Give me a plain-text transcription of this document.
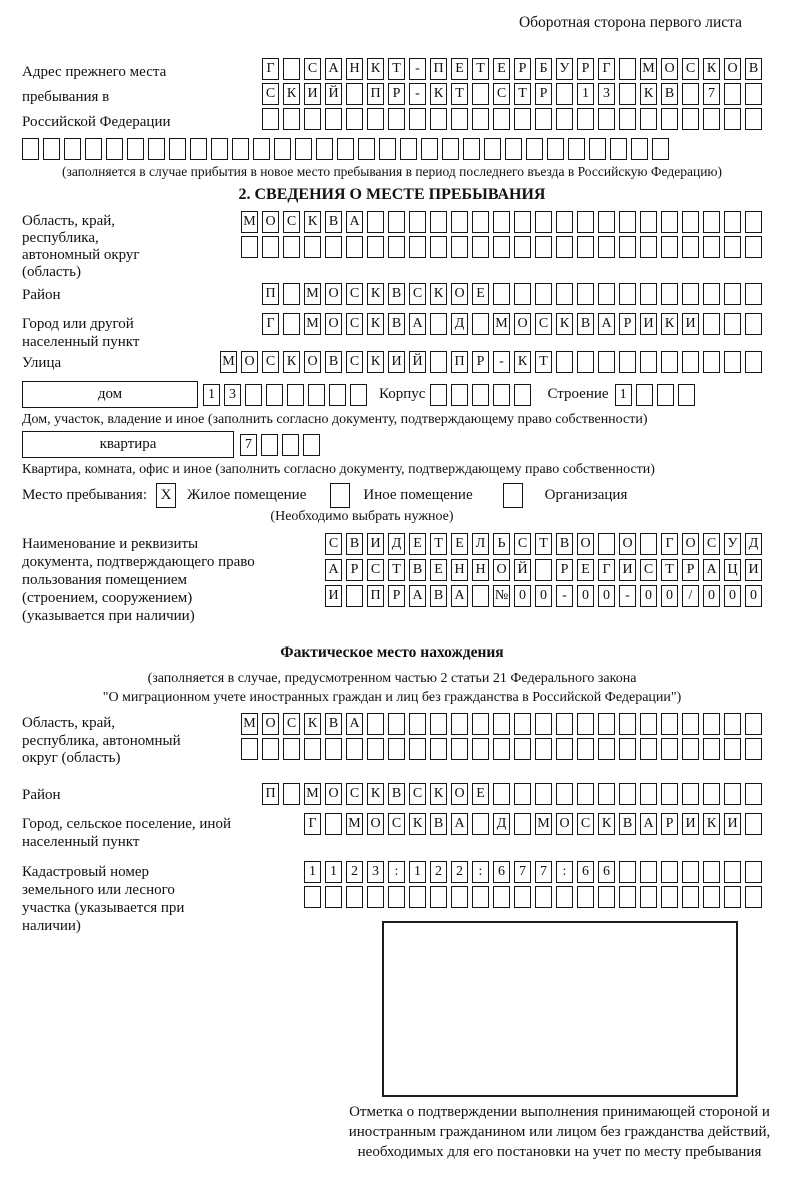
Оборотная сторона первого листа
Адрес прежнего места пребывания в Российской Федерации
Г	С А Н К Т	- П Е Т Е Р Б У Р Г	М О С К О В
С К И Й П Р	-	К Т	С Т Р	1	3	К В	7
(заполняется в случае прибытия в новое место пребывания в период последнего въезда в Российскую Федерацию)
2. СВЕДЕНИЯ О МЕСТЕ ПРЕБЫВАНИЯ
Область, край, республика, автономный округ (область)
М О С К В А
Район	П М О С К В С К О Е
Город или другой населенный пункт
Г	М О С К В А Д М О С К В А Р И К И
Улица	М О С К О В С К И Й П Р	-	К Т
дом	1	3	Корпус	Строение 1
Дом, участок, владение и иное (заполнить согласно документу, подтверждающему право собственности)
квартира	7
Квартира, комната, офис и иное (заполнить согласно документу, подтверждающему право собственности)
Место пребывания: X	Жилое помещение	Иное помещение	Организация
(Необходимо выбрать нужное)
Наименование и реквизиты документа, подтверждающего право пользования помещением (строением, сооружением) (указывается при наличии)
С В И Д Е Т Е Л Ь С Т В О О	Г О С У Д
А Р С Т В Е Н Н О Й	Р Е Г И С Т Р А Ц И
И П Р А В А № 0	0	-	0	0	-	0	0	/	0	0	0
Фактическое место нахождения
(заполняется в случае, предусмотренном частью 2 статьи 21 Федерального закона
"О миграционном учете иностранных граждан и лиц без гражданства в Российской Федерации")
Область, край, республика, автономный округ (область)
М О С К В А
Район	П М О С К В С К О Е
Город, сельское поселение, иной населенный пункт
Г	М О С К В А Д М О С К В А Р И К И
Кадастровый номер земельного или лесного участка (указывается при наличии)
1	1	2	3	:	1	2	2	:	6	7	7	:	6	6
Отметка о подтверждении выполнения принимающей стороной и иностранным гражданином или лицом без гражданства действий, необходимых для его постановки на учет по месту пребывания
